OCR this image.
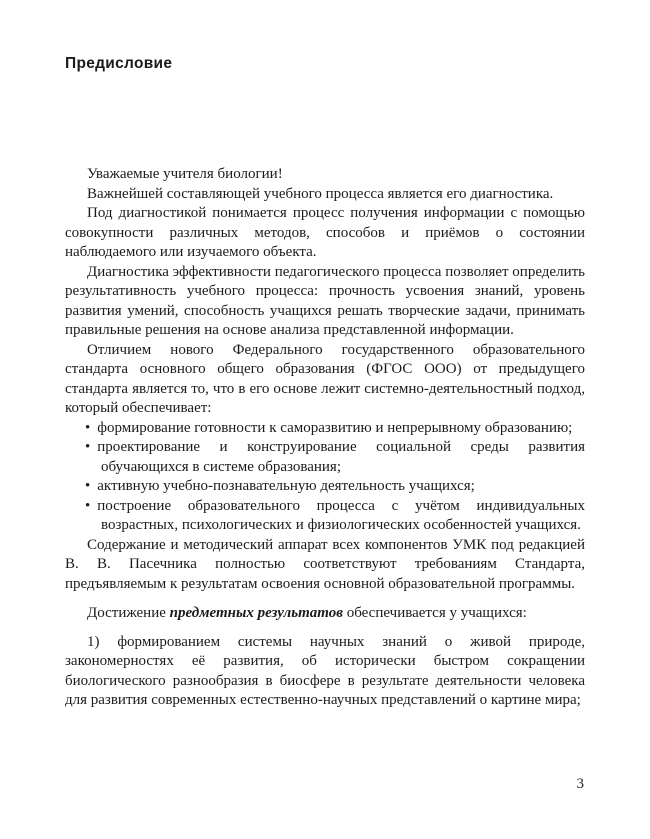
Предисловие

Уважаемые учителя биологии!

Важнейшей составляющей учебного процесса является его диагностика.

Под диагностикой понимается процесс получения информации с помощью совокупности различных методов, способов и приёмов о состоянии наблюдаемого или изучаемого объекта.

Диагностика эффективности педагогического процесса позволяет определить результативность учебного процесса: прочность усвоения знаний, уровень развития умений, способность учащихся решать творческие задачи, принимать правильные решения на основе анализа представленной информации.

Отличием нового Федерального государственного образовательного стандарта основного общего образования (ФГОС ООО) от предыдущего стандарта является то, что в его основе лежит системно-деятельностный подход, который обеспечивает:

• формирование готовности к саморазвитию и непрерывному образованию;
• проектирование и конструирование социальной среды развития обучающихся в системе образования;
• активную учебно-познавательную деятельность учащихся;
• построение образовательного процесса с учётом индивидуальных возрастных, психологических и физиологических особенностей учащихся.

Содержание и методический аппарат всех компонентов УМК под редакцией В. В. Пасечника полностью соответствуют требованиям Стандарта, предъявляемым к результатам освоения основной образовательной программы.

Достижение предметных результатов обеспечивается у учащихся:

1) формированием системы научных знаний о живой природе, закономерностях её развития, об исторически быстром сокращении биологического разнообразия в биосфере в результате деятельности человека для развития современных естественно-научных представлений о картине мира;

3
